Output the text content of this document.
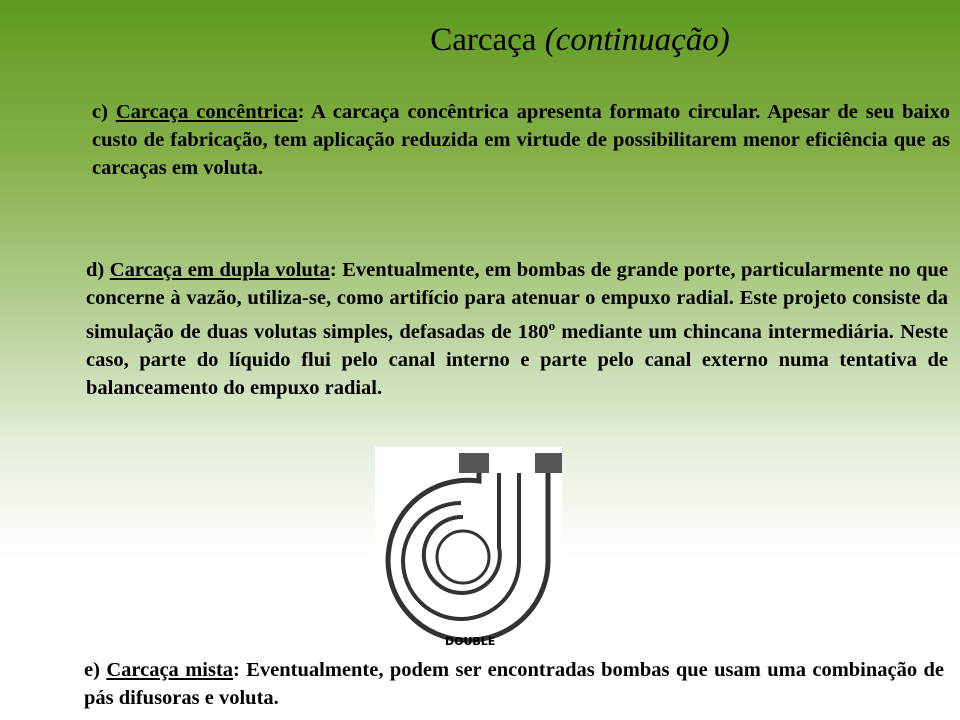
Carcaça (continuação)
c) Carcaça concêntrica: A carcaça concêntrica apresenta formato circular. Apesar de seu baixo custo de fabricação, tem aplicação reduzida em virtude de possibilitarem menor eficiência que as carcaças em voluta.
d) Carcaça em dupla voluta: Eventualmente, em bombas de grande porte, particularmente no que concerne à vazão, utiliza-se, como artifício para atenuar o empuxo radial. Este projeto consiste da simulação de duas volutas simples, defasadas de 180$^o$ mediante um chincana intermediária. Neste caso, parte do líquido flui pelo canal interno e parte pelo canal externo numa tentativa de balanceamento do empuxo radial.
DOUBLE
e) Carcaça mista: Eventualmente, podem ser encontradas bombas que usam uma combinação de pás difusoras e voluta.
